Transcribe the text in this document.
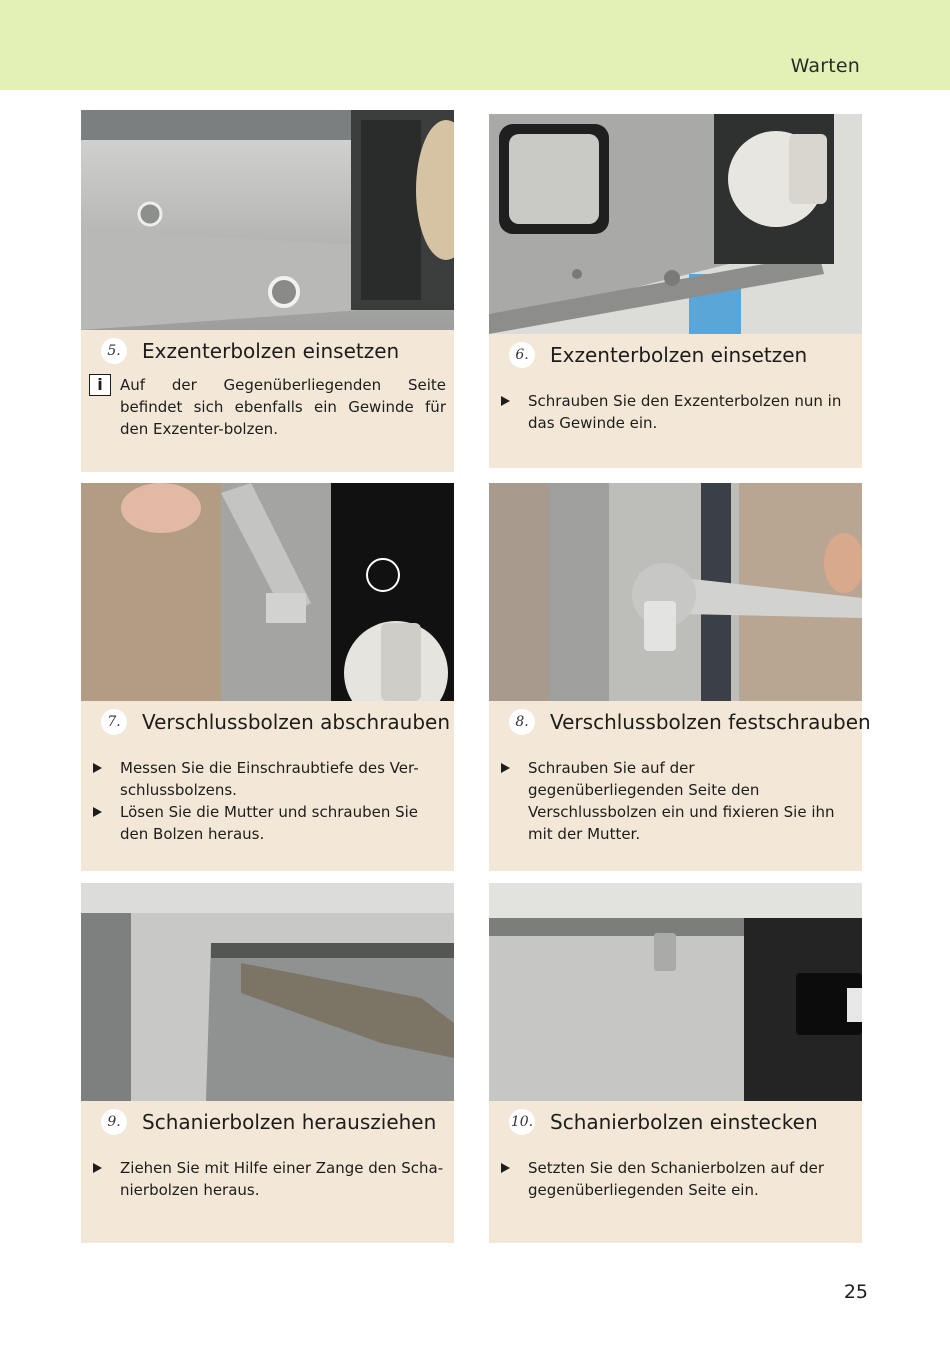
Warten
5.	Exzenterbolzen einsetzen
i	Auf der Gegenüberliegenden Seite befindet sich ebenfalls ein Gewinde für den Exzenter-bolzen.
6.	Exzenterbolzen einsetzen
Schrauben Sie den Exzenterbolzen nun in das Gewinde ein.
7.	Verschlussbolzen abschrauben
Messen Sie die Einschraubtiefe des Ver-schlussbolzens.
Lösen Sie die Mutter und schrauben Sie den Bolzen heraus.
8.	Verschlussbolzen festschrauben
Schrauben Sie auf der gegenüberliegenden Seite den Verschlussbolzen ein und fixieren Sie ihn mit der Mutter.
9.	Schanierbolzen herausziehen
Ziehen Sie mit Hilfe einer Zange den Scha-nierbolzen heraus.
10. Schanierbolzen einstecken
Setzten Sie den Schanierbolzen auf der gegenüberliegenden Seite ein.
25
